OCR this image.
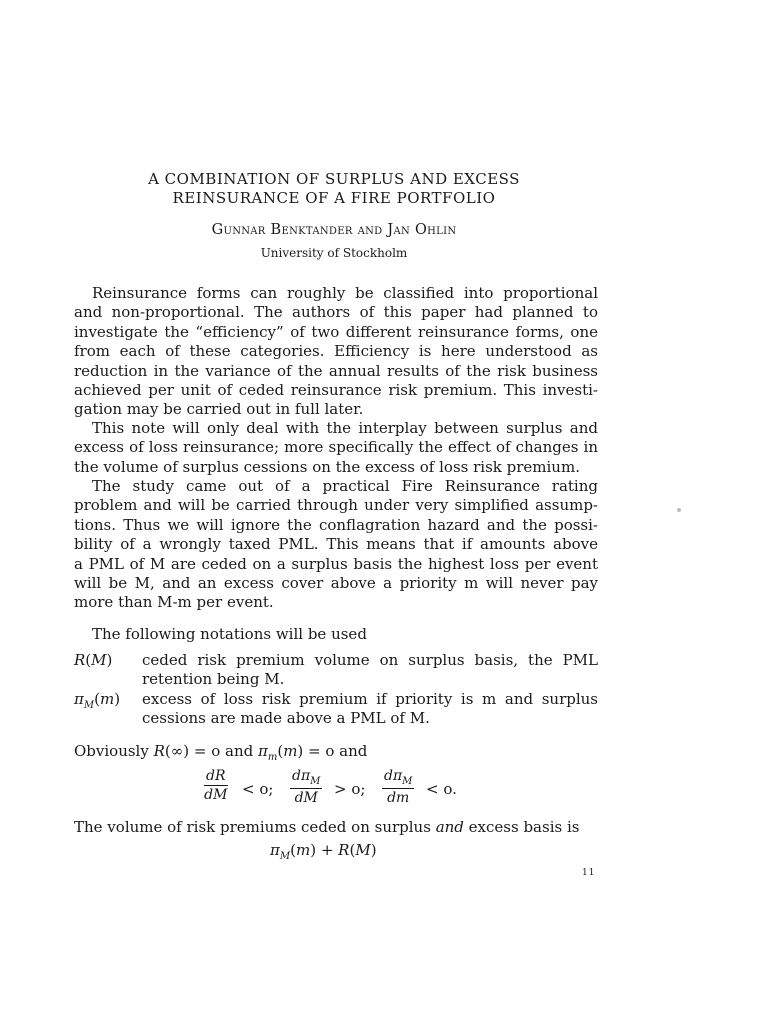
A COMBINATION OF SURPLUS AND EXCESS
REINSURANCE OF A FIRE PORTFOLIO
Gunnar Benktander and Jan Ohlin
University of Stockholm
Reinsurance forms can roughly be classified into proportional
and non-proportional. The authors of this paper had planned to
investigate the “efficiency” of two different reinsurance forms, one
from each of these categories. Efficiency is here understood as
reduction in the variance of the annual results of the risk business
achieved per unit of ceded reinsurance risk premium. This investi-
gation may be carried out in full later.
This note will only deal with the interplay between surplus and
excess of loss reinsurance; more specifically the effect of changes in
the volume of surplus cessions on the excess of loss risk premium.
The study came out of a practical Fire Reinsurance rating
problem and will be carried through under very simplified assump-
tions. Thus we will ignore the conflagration hazard and the possi-
bility of a wrongly taxed PML. This means that if amounts above
a PML of M are ceded on a surplus basis the highest loss per event
will be M, and an excess cover above a priority m will never pay
more than M-m per event.
The following notations will be used
R(M) ceded risk premium volume on surplus basis, the PML
retention being M.
$\pi_M(m)$ excess of loss risk premium if priority is m and surplus
cessions are made above a PML of M.
Obviously R(∞) = o and $\pi_m(m) = o$ and
$\frac{dR}{dM} < o$;
$d\pi_M$
dM	> o;
$d\pi_M$
dm	< o.
The volume of risk premiums ceded on surplus and excess basis is
$\pi_M(m) + R(M)$
11
